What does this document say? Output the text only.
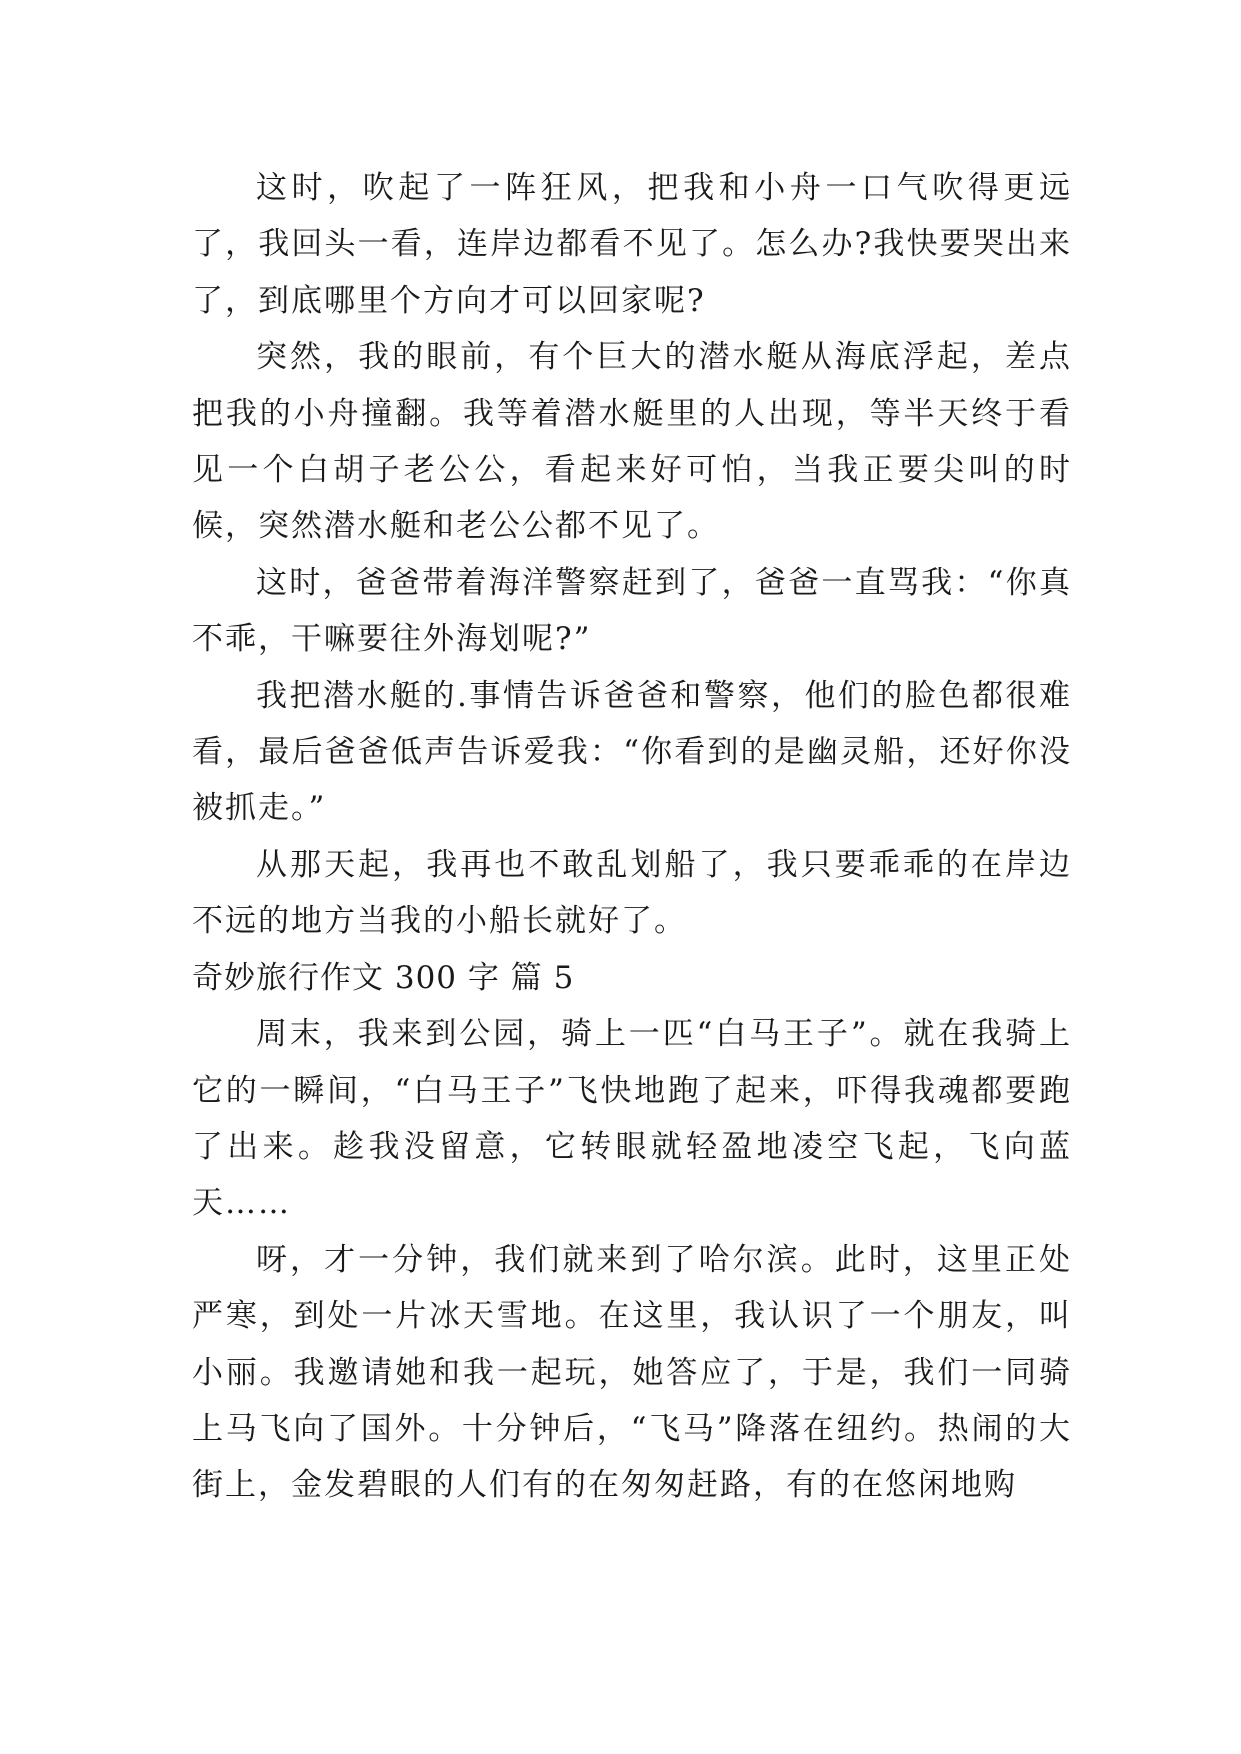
这时，吹起了一阵狂风，把我和小舟一口气吹得更远了，我回头一看，连岸边都看不见了。怎么办?我快要哭出来了，到底哪里个方向才可以回家呢?

突然，我的眼前，有个巨大的潜水艇从海底浮起，差点把我的小舟撞翻。我等着潜水艇里的人出现，等半天终于看见一个白胡子老公公，看起来好可怕，当我正要尖叫的时候，突然潜水艇和老公公都不见了。

这时，爸爸带着海洋警察赶到了，爸爸一直骂我：“你真不乖，干嘛要往外海划呢?”

我把潜水艇的.事情告诉爸爸和警察，他们的脸色都很难看，最后爸爸低声告诉爱我：“你看到的是幽灵船，还好你没被抓走。”

从那天起，我再也不敢乱划船了，我只要乖乖的在岸边不远的地方当我的小船长就好了。

奇妙旅行作文 300 字 篇 5

周末，我来到公园，骑上一匹“白马王子”。就在我骑上它的一瞬间，“白马王子”飞快地跑了起来，吓得我魂都要跑了出来。趁我没留意，它转眼就轻盈地凌空飞起，飞向蓝天……

呀，才一分钟，我们就来到了哈尔滨。此时，这里正处严寒，到处一片冰天雪地。在这里，我认识了一个朋友，叫小丽。我邀请她和我一起玩，她答应了，于是，我们一同骑上马飞向了国外。十分钟后，“飞马”降落在纽约。热闹的大街上，金发碧眼的人们有的在匆匆赶路，有的在悠闲地购
